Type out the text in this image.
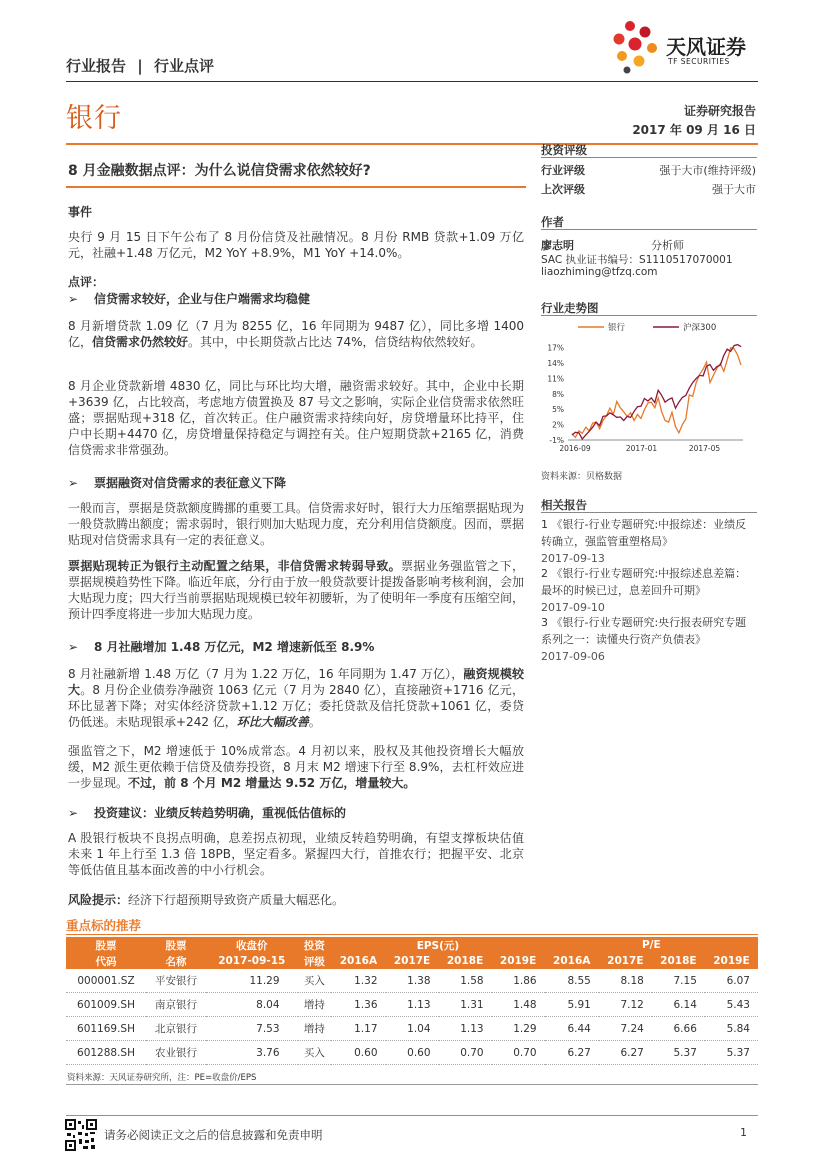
行业报告 | 行业点评
天风证券
TF SECURITIES
银行	证券研究报告
2017 年 09 月 16 日
8 月金融数据点评：为什么说信贷需求依然较好?
事件
央行 9 月 15 日下午公布了 8 月份信贷及社融情况。8 月份 RMB 贷款+1.09 万亿元，社融+1.48 万亿元，M2 YoY +8.9%，M1 YoY +14.0%。
点评：
➢ 信贷需求较好，企业与住户端需求均稳健
8 月新增贷款 1.09 亿（7 月为 8255 亿，16 年同期为 9487 亿），同比多增 1400 亿，信贷需求仍然较好。其中，中长期贷款占比达 74%，信贷结构依然较好。
8 月企业贷款新增 4830 亿，同比与环比均大增，融资需求较好。其中，企业中长期+3639 亿，占比较高，考虑地方债置换及 87 号文之影响，实际企业信贷需求依然旺盛；票据贴现+318 亿，首次转正。住户融资需求持续向好，房贷增量环比持平，住户中长期+4470 亿，房贷增量保持稳定与调控有关。住户短期贷款+2165 亿，消费信贷需求非常强劲。
➢ 票据融资对信贷需求的表征意义下降
一般而言，票据是贷款额度腾挪的重要工具。信贷需求好时，银行大力压缩票据贴现为一般贷款腾出额度；需求弱时，银行则加大贴现力度，充分利用信贷额度。因而，票据贴现对信贷需求具有一定的表征意义。
票据贴现转正为银行主动配置之结果，非信贷需求转弱导致。票据业务强监管之下，票据规模趋势性下降。临近年底，分行由于放一般贷款要计提拨备影响考核利润，会加大贴现力度；四大行当前票据贴现规模已较年初腰斩，为了使明年一季度有压缩空间，预计四季度将进一步加大贴现力度。
➢ 8 月社融增加 1.48 万亿元，M2 增速新低至 8.9%
8 月社融新增 1.48 万亿（7 月为 1.22 万亿，16 年同期为 1.47 万亿），融资规模较大。8 月份企业债券净融资 1063 亿元（7 月为 2840 亿），直接融资+1716 亿元，环比显著下降；对实体经济贷款+1.12 万亿；委托贷款及信托贷款+1061 亿，委贷仍低迷。未贴现银承+242 亿，环比大幅改善。
强监管之下，M2 增速低于 10%成常态。4 月初以来，股权及其他投资增长大幅放缓，M2 派生更依赖于信贷及债券投资，8 月末 M2 增速下行至 8.9%，去杠杆效应进一步显现。不过，前 8 个月 M2 增量达 9.52 万亿，增量较大。
➢ 投资建议：业绩反转趋势明确，重视低估值标的
A 股银行板块不良拐点明确，息差拐点初现，业绩反转趋势明确，有望支撑板块估值未来 1 年上行至 1.3 倍 18PB，坚定看多。紧握四大行，首推农行；把握平安、北京等低估值且基本面改善的中小行机会。
风险提示：经济下行超预期导致资产质量大幅恶化。
投资评级
行业评级	强于大市(维持评级)
上次评级	强于大市
作者
廖志明	分析师
SAC 执业证书编号：S1110517070001
liaozhiming@tfzq.com
行业走势图
-1%
2%
5%
8%
11%
14%
17%
2016-09	2017-01	2017-05
银行	沪深300
资料来源：贝格数据
相关报告
1 《银行-行业专题研究:中报综述：业绩反转确立，强监管重塑格局》
2017-09-13
2 《银行-行业专题研究:中报综述息差篇：最坏的时候已过，息差回升可期》
2017-09-10
3 《银行-行业专题研究:央行报表研究专题系列之一：读懂央行资产负债表》
2017-09-06
重点标的推荐
股票	股票	收盘价	投资	EPS(元)				P/E			
代码	名称	2017-09-15	评级	2016A	2017E	2018E	2019E	2016A	2017E	2018E	2019E
000001.SZ	平安银行	11.29	买入	1.32	1.38	1.58	1.86	8.55	8.18	7.15	6.07
601009.SH	南京银行	8.04	增持	1.36	1.13	1.31	1.48	5.91	7.12	6.14	5.43
601169.SH	北京银行	7.53	增持	1.17	1.04	1.13	1.29	6.44	7.24	6.66	5.84
601288.SH	农业银行	3.76	买入	0.60	0.60	0.70	0.70	6.27	6.27	5.37	5.37
资料来源：天风证券研究所，注：PE=收盘价/EPS
请务必阅读正文之后的信息披露和免责申明	1
